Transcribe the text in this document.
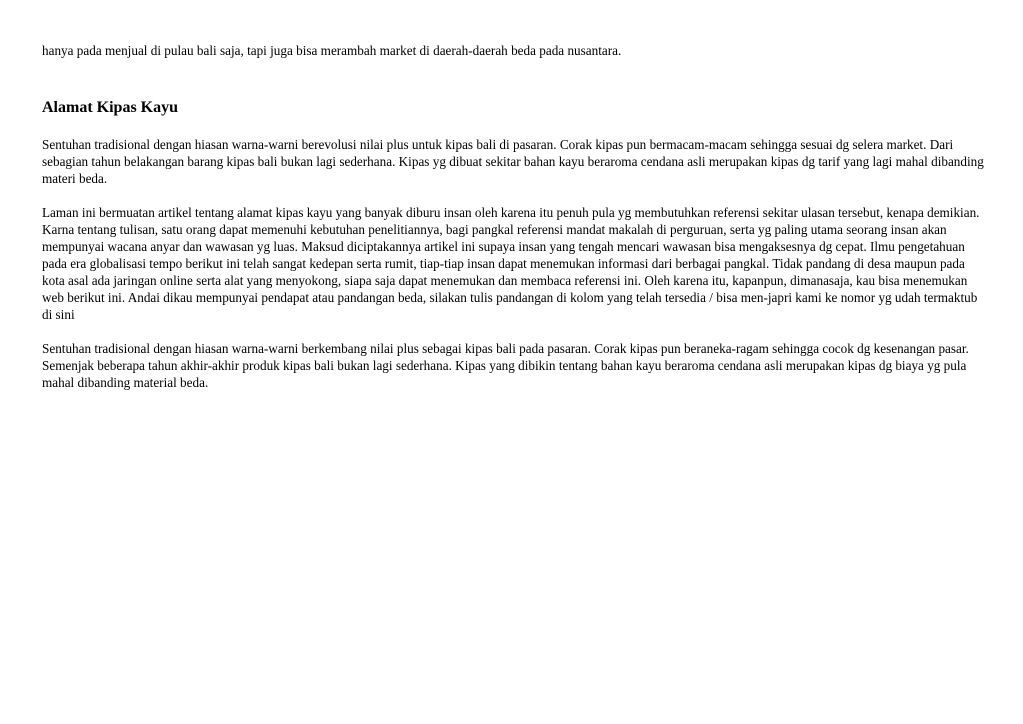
hanya pada menjual di pulau bali saja, tapi juga bisa merambah market di daerah-daerah beda pada nusantara.

Alamat Kipas Kayu

Sentuhan tradisional dengan hiasan warna-warni berevolusi nilai plus untuk kipas bali di pasaran. Corak kipas pun bermacam-macam sehingga sesuai dg selera market. Dari sebagian tahun belakangan barang kipas bali bukan lagi sederhana. Kipas yg dibuat sekitar bahan kayu beraroma cendana asli merupakan kipas dg tarif yang lagi mahal dibanding materi beda.

Laman ini bermuatan artikel tentang alamat kipas kayu yang banyak diburu insan oleh karena itu penuh pula yg membutuhkan referensi sekitar ulasan tersebut, kenapa demikian. Karna tentang tulisan, satu orang dapat memenuhi kebutuhan penelitiannya, bagi pangkal referensi mandat makalah di perguruan, serta yg paling utama seorang insan akan mempunyai wacana anyar dan wawasan yg luas. Maksud diciptakannya artikel ini supaya insan yang tengah mencari wawasan bisa mengaksesnya dg cepat. Ilmu pengetahuan pada era globalisasi tempo berikut ini telah sangat kedepan serta rumit, tiap-tiap insan dapat menemukan informasi dari berbagai pangkal. Tidak pandang di desa maupun pada kota asal ada jaringan online serta alat yang menyokong, siapa saja dapat menemukan dan membaca referensi ini. Oleh karena itu, kapanpun, dimanasaja, kau bisa menemukan web berikut ini. Andai dikau mempunyai pendapat atau pandangan beda, silakan tulis pandangan di kolom yang telah tersedia / bisa men-japri kami ke nomor yg udah termaktub di sini

Sentuhan tradisional dengan hiasan warna-warni berkembang nilai plus sebagai kipas bali pada pasaran. Corak kipas pun beraneka-ragam sehingga cocok dg kesenangan pasar. Semenjak beberapa tahun akhir-akhir produk kipas bali bukan lagi sederhana. Kipas yang dibikin tentang bahan kayu beraroma cendana asli merupakan kipas dg biaya yg pula mahal dibanding material beda.
